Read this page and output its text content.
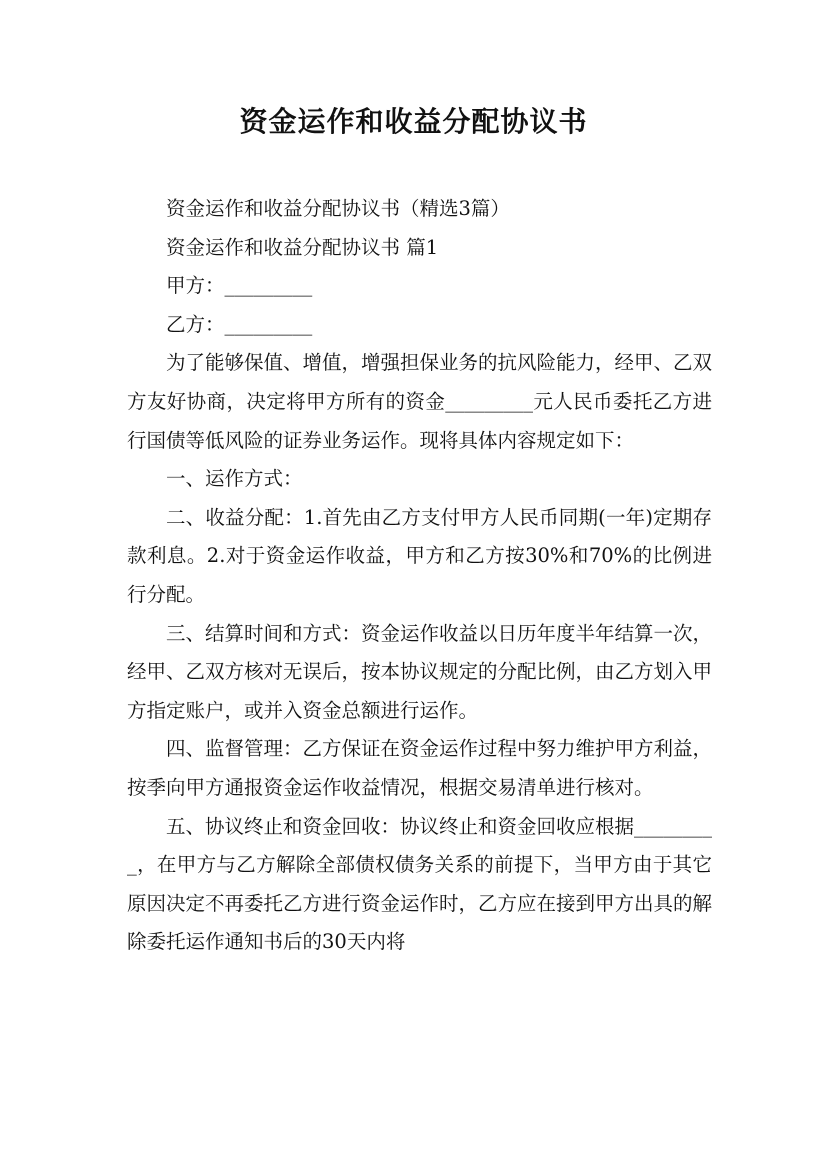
资金运作和收益分配协议书

资金运作和收益分配协议书（精选3篇）

资金运作和收益分配协议书 篇1

甲方：_________

乙方：_________

为了能够保值、增值，增强担保业务的抗风险能力，经甲、乙双方友好协商，决定将甲方所有的资金_________元人民币委托乙方进行国债等低风险的证券业务运作。现将具体内容规定如下：

一、运作方式：

二、收益分配：1.首先由乙方支付甲方人民币同期(一年)定期存款利息。2.对于资金运作收益，甲方和乙方按30%和70%的比例进行分配。

三、结算时间和方式：资金运作收益以日历年度半年结算一次，经甲、乙双方核对无误后，按本协议规定的分配比例，由乙方划入甲方指定账户，或并入资金总额进行运作。

四、监督管理：乙方保证在资金运作过程中努力维护甲方利益，按季向甲方通报资金运作收益情况，根据交易清单进行核对。

五、协议终止和资金回收：协议终止和资金回收应根据_________，在甲方与乙方解除全部债权债务关系的前提下，当甲方由于其它原因决定不再委托乙方进行资金运作时，乙方应在接到甲方出具的解除委托运作通知书后的30天内将
